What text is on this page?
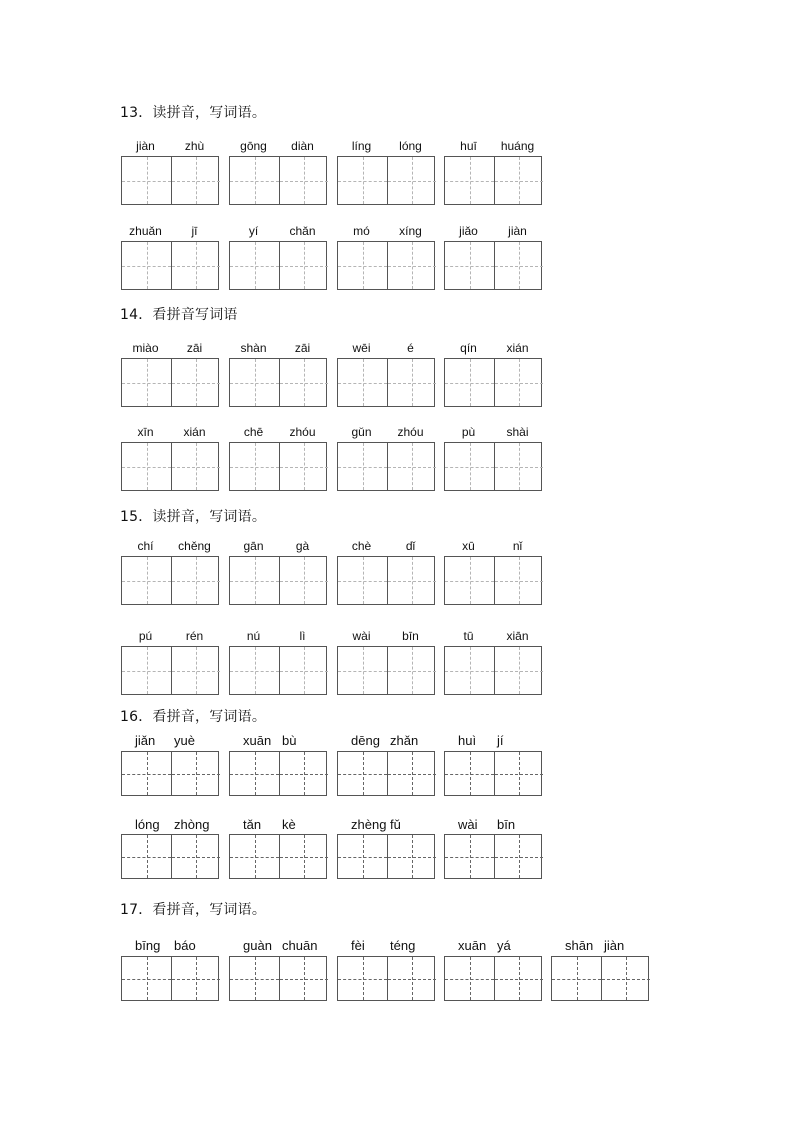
13．读拼音，写词语。
jiàn	zhù	gōng	diàn	líng	lóng	huī	huáng
zhuǎn	jī	yí	chǎn	mó	xíng	jiǎo	jiàn
14．看拼音写词语
miào	zāi	shàn	zāi	wēi	é	qín	xián
xīn	xián	chē	zhóu	gǔn	zhóu	pù	shài
15．读拼音，写词语。
chí	chěng	gān	gà	chè	dǐ	xū	nǐ
pú	rén	nú	lì	wài	bīn	tū	xiān
16．看拼音，写词语。
jiǎn yuè	xuān bù	dēng zhǎn	huì jí
lóng zhòng	tǎn kè	zhèng fǔ	wài bīn
17．看拼音，写词语。
bīng báo	guàn chuān	fèi téng	xuān yá	shān jiàn
